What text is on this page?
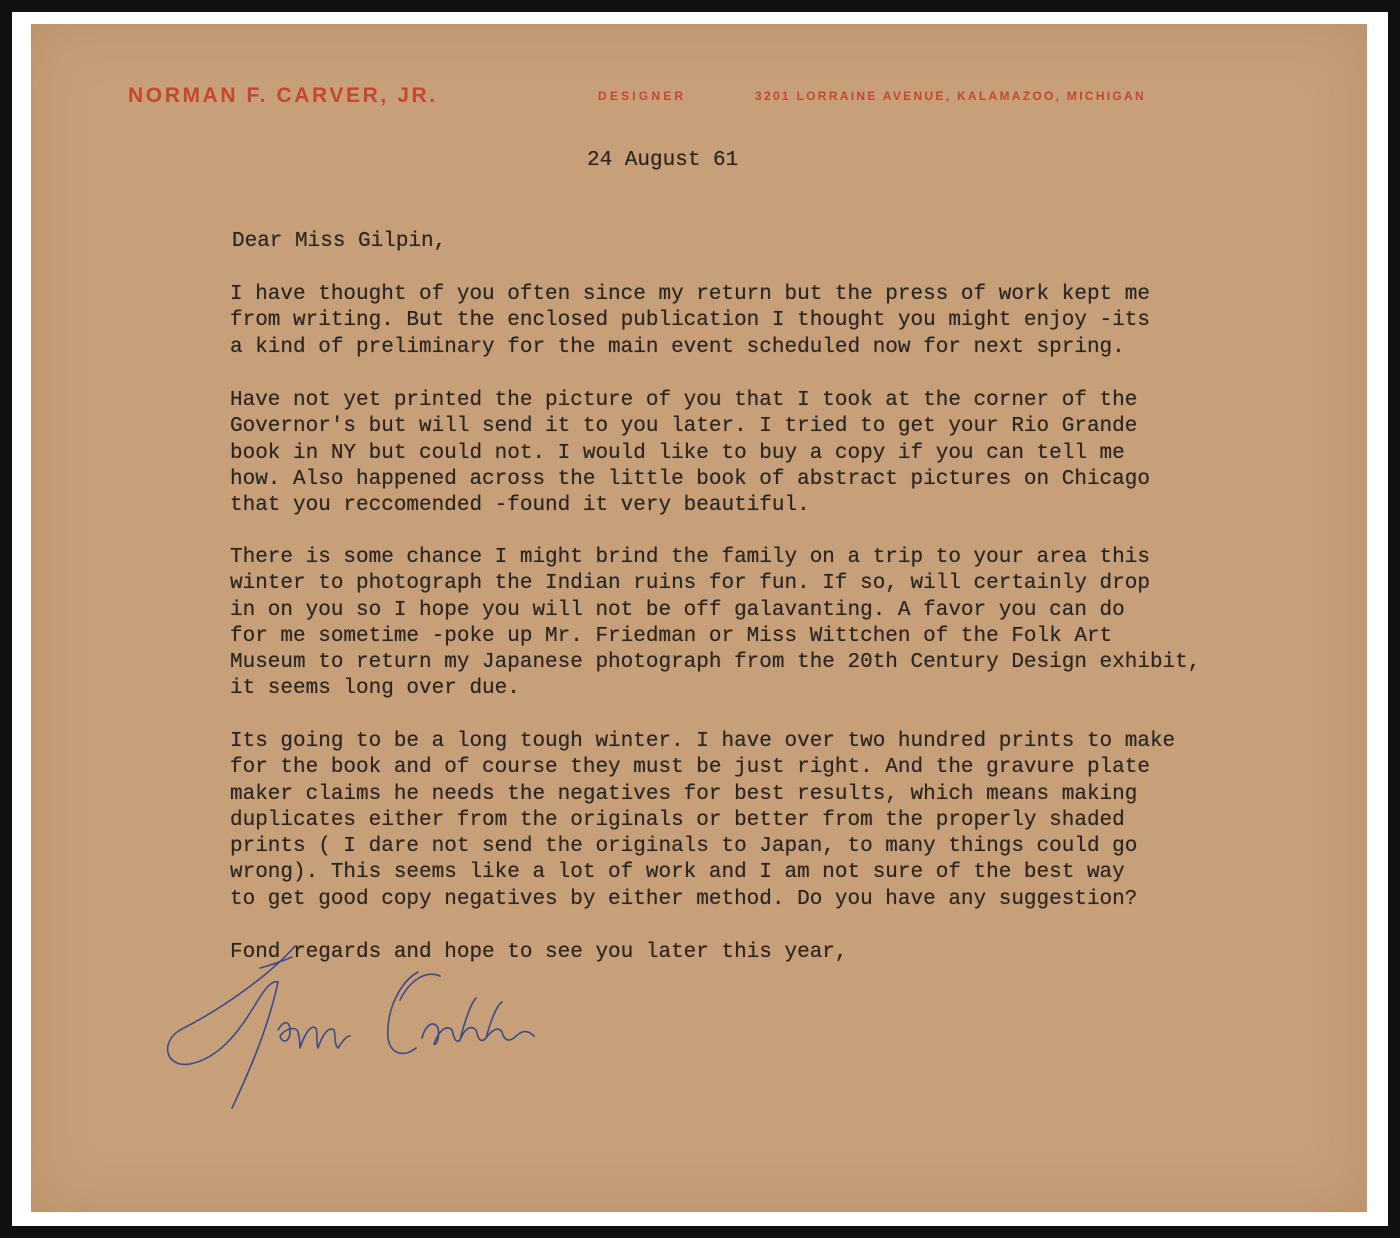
NORMAN F. CARVER, JR.	DESIGNER	3201 LORRAINE AVENUE, KALAMAZOO, MICHIGAN
24 August 61
Dear Miss Gilpin,

I have thought of you often since my return but the press of work kept me
from writing. But the enclosed publication I thought you might enjoy -its
a kind of preliminary for the main event scheduled now for next spring.

Have not yet printed the picture of you that I took at the corner of the
Governor's but will send it to you later. I tried to get your Rio Grande
book in NY but could not. I would like to buy a copy if you can tell me
how. Also happened across the little book of abstract pictures on Chicago
that you reccomended -found it very beautiful.

There is some chance I might brind the family on a trip to your area this
winter to photograph the Indian ruins for fun. If so, will certainly drop
in on you so I hope you will not be off galavanting. A favor you can do
for me sometime -poke up Mr. Friedman or Miss Wittchen of the Folk Art
Museum to return my Japanese photograph from the 20th Century Design exhibit,
it seems long over due.

Its going to be a long tough winter. I have over two hundred prints to make
for the book and of course they must be just right. And the gravure plate
maker claims he needs the negatives for best results, which means making
duplicates either from the originals or better from the properly shaded
prints ( I dare not send the originals to Japan, to many things could go
wrong). This seems like a lot of work and I am not sure of the best way
to get good copy negatives by either method. Do you have any suggestion?

Fond regards and hope to see you later this year,
